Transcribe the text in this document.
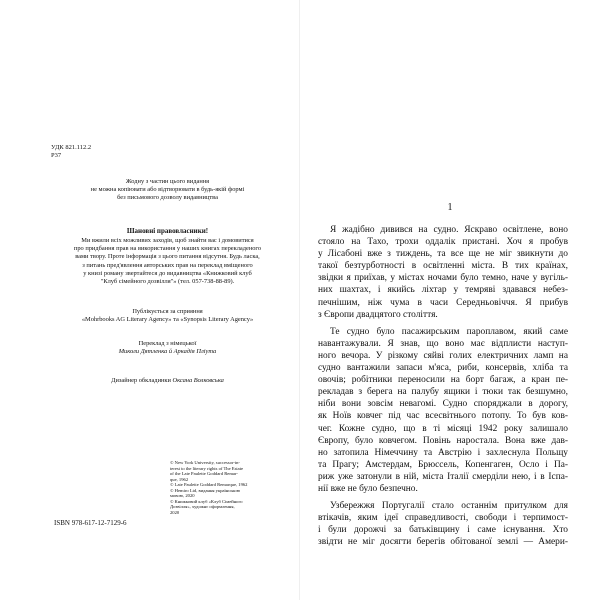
УДК 821.112.2
Р37
Жодну з частин цього видання
не можна копіювати або відтворювати в будь-якій формі
без письмового дозволу видавництва
Шановні правовласники!
Ми вжили всіх можливих заходів, щоб знайти вас і домовитися
про придбання прав на використання у наших книгах перекладеного
вами твору. Проте інформація з цього питання відсутня. Будь ласка,
з питань пред'явлення авторських прав на переклад вміщеного
у книзі роману звертайтеся до видавництва «Книжковий клуб
"Клуб сімейного дозвілля"» (тел. 057-738-88-89).
Публікується за сприяння
«Mohrbooks AG Literary Agency» та «Synopsis Literary Agency»
Переклад з німецької
Миколи Дятленка й Аркадія Пліута
Дизайнер обкладинки Оксана Волковська
© New York University, successor-in-
terest to the literary rights of The Estate
of the Late Paulette Goddard Remar-
que, 1962
© Late Paulette Goddard Remarque, 1962
© Hemiro Ltd, видання українською
мовою, 2020
© Книжковий клуб «Клуб Сімейного
Дозвілля», художнє оформлення,
2020
ISBN 978-617-12-7129-6
1

Я жадібно дивився на судно. Яскраво освітлене, воно
стояло на Тахо, трохи оддалік пристані. Хоч я пробув
у Лісабоні вже з тиждень, та все ще не міг звикнути до
такої безтурботності в освітленні міста. В тих країнах,
звідки я приїхав, у містах ночами було темно, наче у вугіль-
них шахтах, і якийсь ліхтар у темряві здавався небез-
печнішим, ніж чума в часи Середньовіччя. Я прибув
з Європи двадцятого століття.

Те судно було пасажирським пароплавом, який саме
навантажували. Я знав, що воно має відплисти наступ-
ного вечора. У різкому сяйві голих електричних ламп на
судно вантажили запаси м'яса, риби, консервів, хліба та
овочів; робітники переносили на борт багаж, а кран пе-
рекладав з берега на палубу ящики і тюки так безшумно,
ніби вони зовсім невагомі. Судно споряджали в дорогу,
як Ноїв ковчег під час всесвітнього потопу. То був ков-
чег. Кожне судно, що в ті місяці 1942 року залишало
Європу, було ковчегом. Повінь наростала. Вона вже дав-
но затопила Німеччину та Австрію і захлеснула Польщу
та Прагу; Амстердам, Брюссель, Копенгаген, Осло і Па-
риж уже затонули в ній, міста Італії смерділи нею, і в Іспа-
нії вже не було безпечно.

Узбережжя Португалії стало останнім притулком для
втікачів, яким ідеї справедливості, свободи і терпимост-
і були дорожчі за батьківщину і саме існування. Хто
звідти не міг досягти берегів обітованої землі — Амери-
